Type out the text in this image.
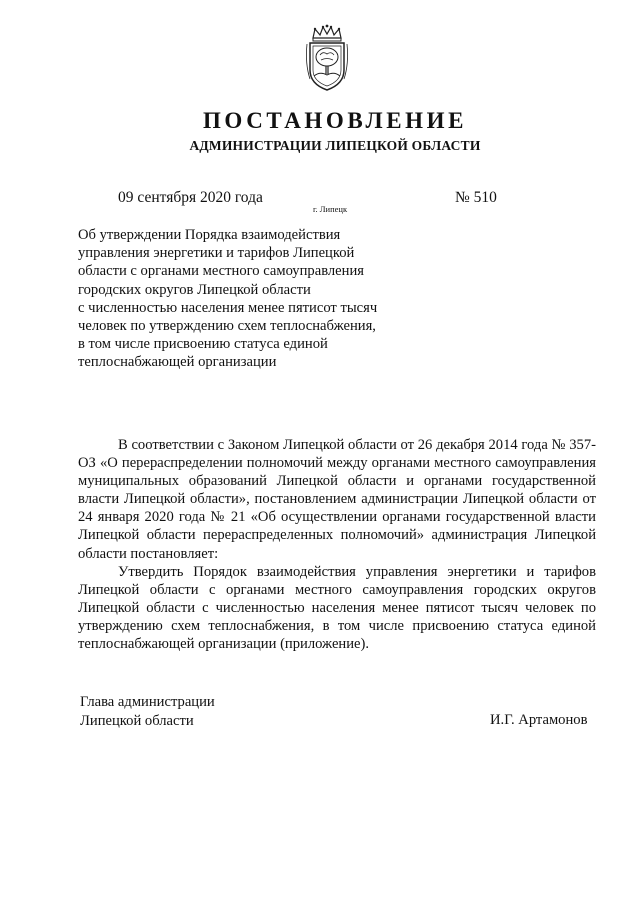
ПОСТАНОВЛЕНИЕ
АДМИНИСТРАЦИИ ЛИПЕЦКОЙ ОБЛАСТИ
09 сентября 2020 года
г. Липецк
№ 510
Об утверждении Порядка взаимодействия
управления энергетики и тарифов Липецкой
области с органами местного самоуправления
городских округов Липецкой области
с численностью населения менее пятисот тысяч
человек по утверждению схем теплоснабжения,
в том числе присвоению статуса единой
теплоснабжающей организации

В соответствии с Законом Липецкой области от 26 декабря 2014 года № 357-ОЗ «О перераспределении полномочий между органами местного самоуправления муниципальных образований Липецкой области и органами государственной власти Липецкой области», постановлением администрации Липецкой области от 24 января 2020 года № 21 «Об осуществлении органами государственной власти Липецкой области перераспределенных полномочий» администрация Липецкой области постановляет:

Утвердить Порядок взаимодействия управления энергетики и тарифов Липецкой области с органами местного самоуправления городских округов Липецкой области с численностью населения менее пятисот тысяч человек по утверждению схем теплоснабжения, в том числе присвоению статуса единой теплоснабжающей организации (приложение).

Глава администрации
Липецкой области	И.Г. Артамонов
